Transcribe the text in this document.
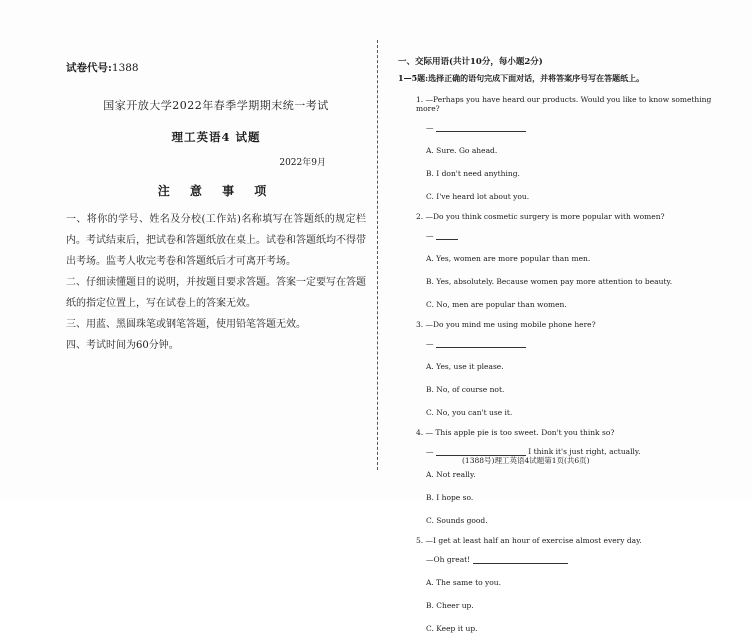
试卷代号:1388
国家开放大学2022年春季学期期末统一考试
理工英语4 试题
2022年9月
注 意 事 项

一、将你的学号、姓名及分校(工作站)名称填写在答题纸的规定栏内。考试结束后，把试卷和答题纸放在桌上。试卷和答题纸均不得带出考场。监考人收完考卷和答题纸后才可离开考场。

二、仔细读懂题目的说明，并按题目要求答题。答案一定要写在答题纸的指定位置上，写在试卷上的答案无效。

三、用蓝、黑圆珠笔或钢笔答题，使用铅笔答题无效。

四、考试时间为60分钟。

一、交际用语(共计10分，每小题2分)
1—5题:选择正确的语句完成下面对话，并将答案序号写在答题纸上。
1. —Perhaps you have heard our products. Would you like to know something more?
—
A. Sure. Go ahead.
B. I don't need anything.
C. I've heard lot about you.
2. —Do you think cosmetic surgery is more popular with women?
—
A. Yes, women are more popular than men.
B. Yes, absolutely. Because women pay more attention to beauty.
C. No, men are popular than women.
3. —Do you mind me using mobile phone here?
—
A. Yes, use it please.
B. No, of course not.
C. No, you can't use it.
4. — This apple pie is too sweet. Don't you think so?
—	I think it's just right, actually.
A. Not really.
B. I hope so.
C. Sounds good.
5. —I get at least half an hour of exercise almost every day.
—Oh great!
A. The same to you.
B. Cheer up.
C. Keep it up.
(1388号)理工英语4试题第1页(共6页)
